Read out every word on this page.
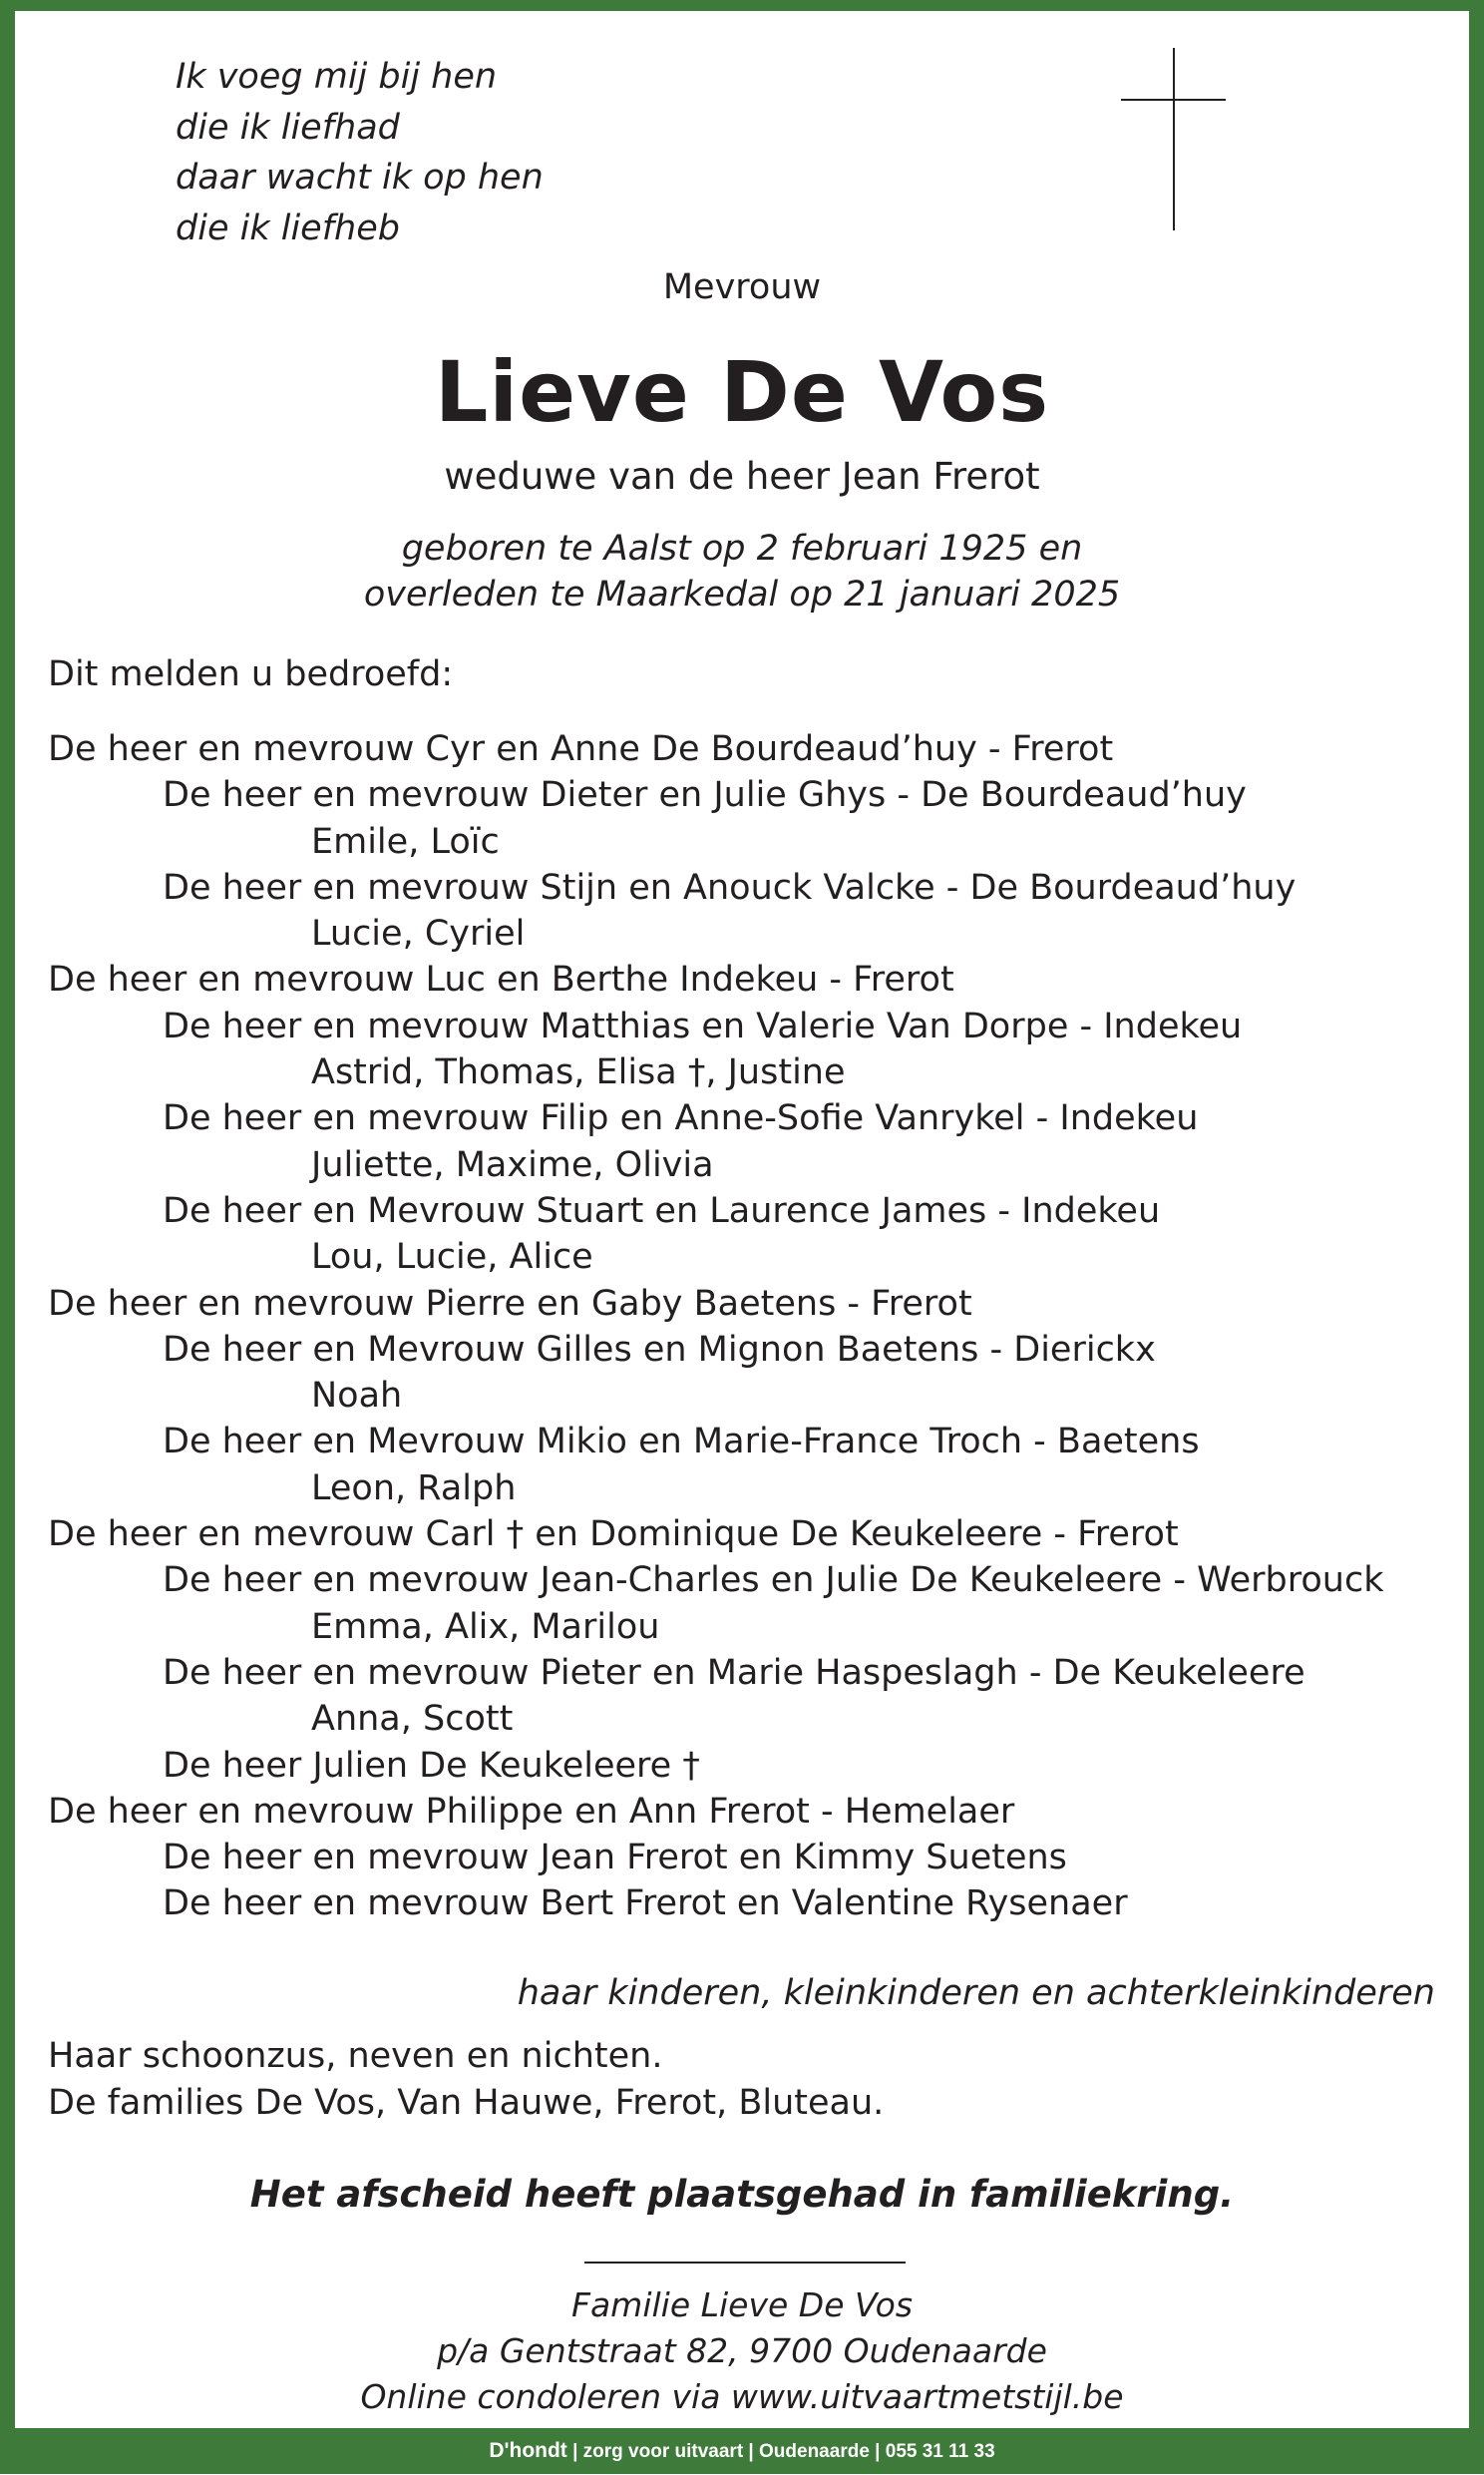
Ik voeg mij bij hen
die ik liefhad
daar wacht ik op hen
die ik liefheb
Mevrouw
Lieve De Vos
weduwe van de heer Jean Frerot
geboren te Aalst op 2 februari 1925 en
overleden te Maarkedal op 21 januari 2025
Dit melden u bedroefd:
De heer en mevrouw Cyr en Anne De Bourdeaud’huy - Frerot
De heer en mevrouw Dieter en Julie Ghys - De Bourdeaud’huy
Emile, Loïc
De heer en mevrouw Stijn en Anouck Valcke - De Bourdeaud’huy
Lucie, Cyriel
De heer en mevrouw Luc en Berthe Indekeu - Frerot
De heer en mevrouw Matthias en Valerie Van Dorpe - Indekeu
Astrid, Thomas, Elisa †, Justine
De heer en mevrouw Filip en Anne-Sofie Vanrykel - Indekeu
Juliette, Maxime, Olivia
De heer en Mevrouw Stuart en Laurence James - Indekeu
Lou, Lucie, Alice
De heer en mevrouw Pierre en Gaby Baetens - Frerot
De heer en Mevrouw Gilles en Mignon Baetens - Dierickx
Noah
De heer en Mevrouw Mikio en Marie-France Troch - Baetens
Leon, Ralph
De heer en mevrouw Carl † en Dominique De Keukeleere - Frerot
De heer en mevrouw Jean-Charles en Julie De Keukeleere - Werbrouck
Emma, Alix, Marilou
De heer en mevrouw Pieter en Marie Haspeslagh - De Keukeleere
Anna, Scott
De heer Julien De Keukeleere †
De heer en mevrouw Philippe en Ann Frerot - Hemelaer
De heer en mevrouw Jean Frerot en Kimmy Suetens
De heer en mevrouw Bert Frerot en Valentine Rysenaer
haar kinderen, kleinkinderen en achterkleinkinderen
Haar schoonzus, neven en nichten.
De families De Vos, Van Hauwe, Frerot, Bluteau.
Het afscheid heeft plaatsgehad in familiekring.
Familie Lieve De Vos
p/a Gentstraat 82, 9700 Oudenaarde
Online condoleren via www.uitvaartmetstijl.be
D'hondt | zorg voor uitvaart | Oudenaarde | 055 31 11 33
